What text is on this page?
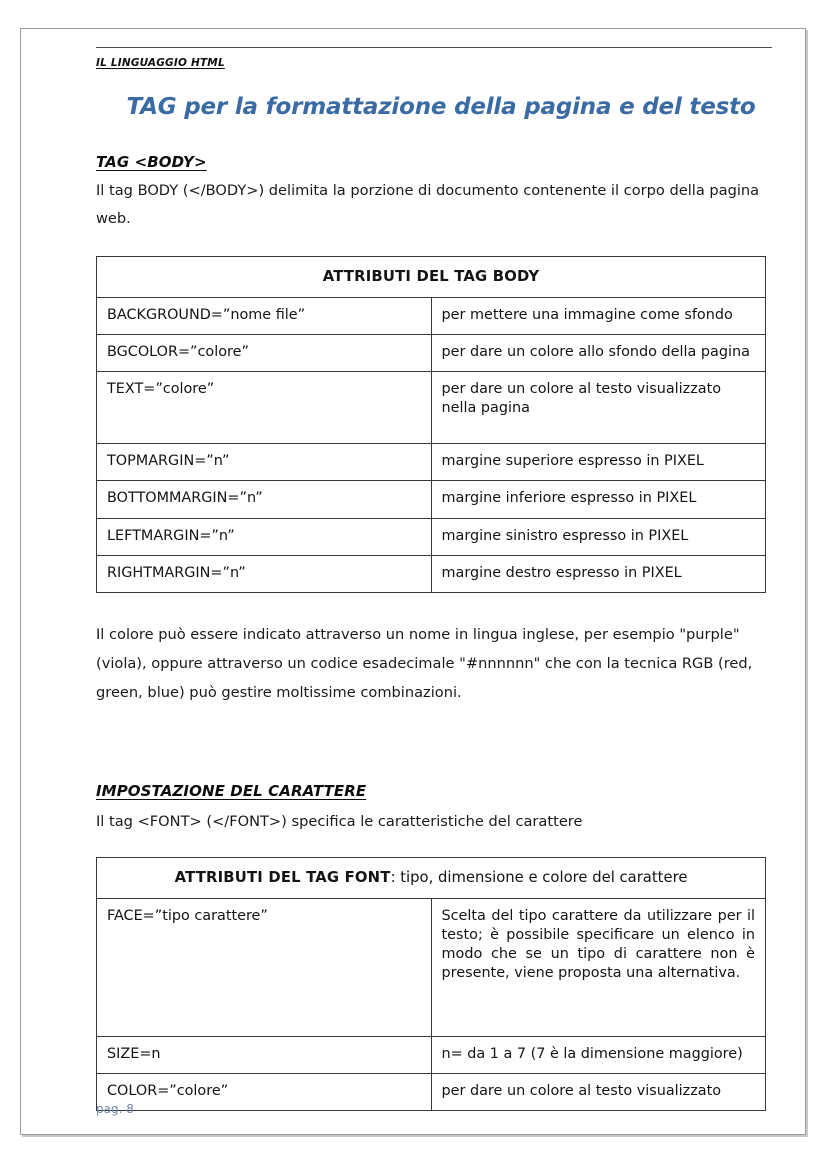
IL LINGUAGGIO HTML
TAG per la formattazione della pagina e del testo
TAG <BODY>

Il tag BODY (</BODY>) delimita la porzione di documento contenente il corpo della pagina web.

ATTRIBUTI DEL TAG BODY	
BACKGROUND=”nome file”	per mettere una immagine come sfondo
BGCOLOR=”colore”	per dare un colore allo sfondo della pagina
TEXT=”colore”	per dare un colore al testo visualizzato nella pagina
TOPMARGIN=”n”	margine superiore espresso in PIXEL
BOTTOMMARGIN=”n”	margine inferiore espresso in PIXEL
LEFTMARGIN=”n”	margine sinistro espresso in PIXEL
RIGHTMARGIN=”n”	margine destro espresso in PIXEL

Il colore può essere indicato attraverso un nome in lingua inglese, per esempio "purple" (viola), oppure attraverso un codice esadecimale "#nnnnnn" che con la tecnica RGB (red, green, blue) può gestire moltissime combinazioni.

IMPOSTAZIONE DEL CARATTERE

Il tag <FONT> (</FONT>) specifica le caratteristiche del carattere

ATTRIBUTI DEL TAG FONT: tipo, dimensione e colore del carattere	
FACE=”tipo carattere”	Scelta del tipo carattere da utilizzare per il testo; è possibile specificare un elenco in modo che se un tipo di carattere non è presente, viene proposta una alternativa.
SIZE=n	n= da 1 a 7 (7 è la dimensione maggiore)
COLOR=”colore”	per dare un colore al testo visualizzato
pag. 8
